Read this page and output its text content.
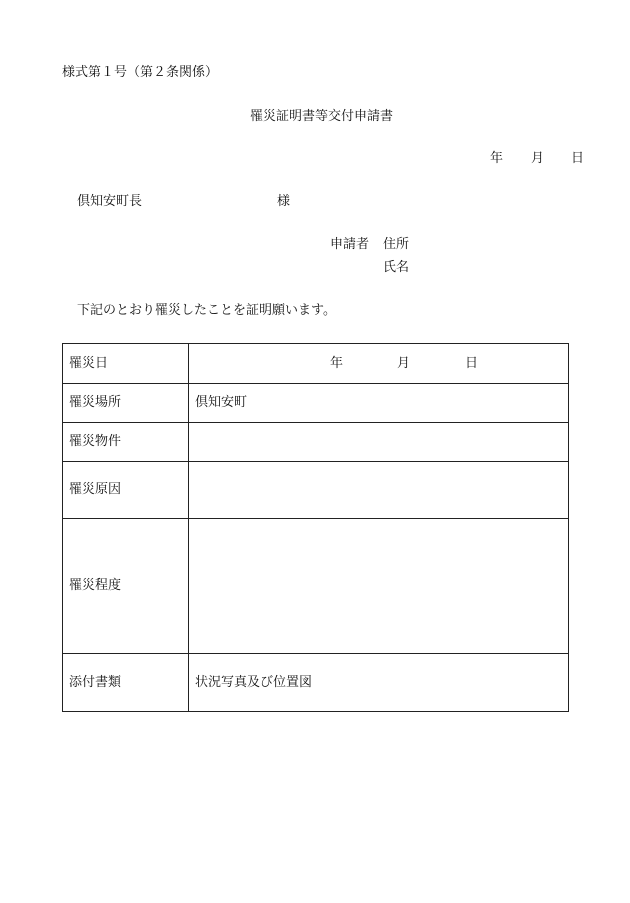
様式第１号（第２条関係）
罹災証明書等交付申請書
年 月 日
倶知安町長	様
申請者 住所
氏名
下記のとおり罹災したことを証明願います。
罹災日	年 月 日

罹災場所	倶知安町
罹災物件	
罹災原因	
罹災程度	
添付書類	状況写真及び位置図
